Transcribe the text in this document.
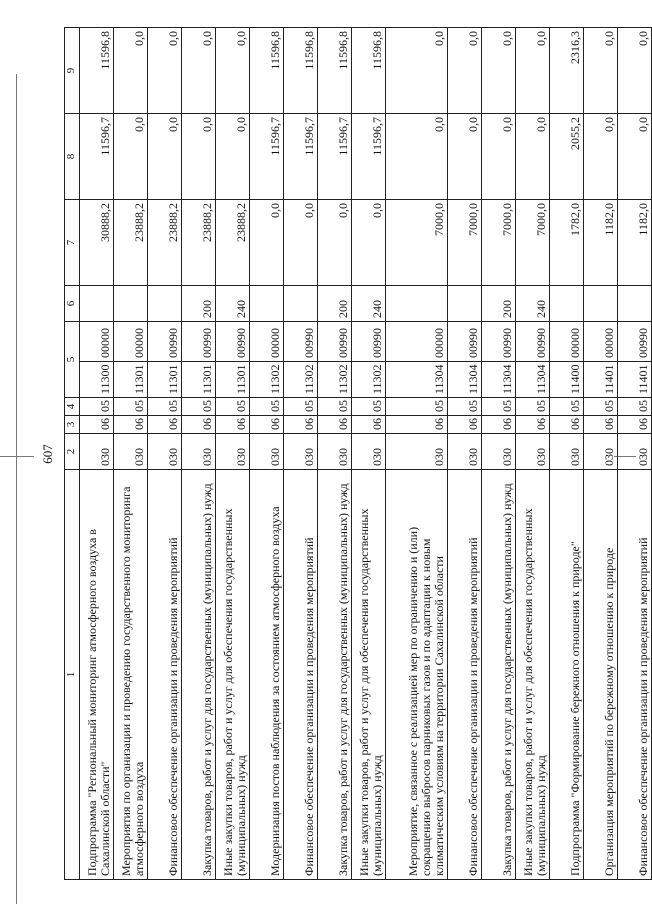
607
1	2	3	4	5		6	7	8	9
Подпрограмма "Региональный мониторинг атмосферного воздуха в Сахалинской области"	030	06	05	11300	00000		30888,2	11596,7	11596,8
Мероприятия по организации и проведению государственного мониторинга атмосферного воздуха	030	06	05	11301	00000		23888,2	0,0	0,0
Финансовое обеспечение организации и проведения мероприятий	030	06	05	11301	00990		23888,2	0,0	0,0
Закупка товаров, работ и услуг для государственных (муниципальных) нужд	030	06	05	11301	00990	200	23888,2	0,0	0,0
Иные закупки товаров, работ и услуг для обеспечения государственных (муниципальных) нужд	030	06	05	11301	00990	240	23888,2	0,0	0,0
Модернизация постов наблюдения за состоянием атмосферного воздуха	030	06	05	11302	00000		0,0	11596,7	11596,8
Финансовое обеспечение организации и проведения мероприятий	030	06	05	11302	00990		0,0	11596,7	11596,8
Закупка товаров, работ и услуг для государственных (муниципальных) нужд	030	06	05	11302	00990	200	0,0	11596,7	11596,8
Иные закупки товаров, работ и услуг для обеспечения государственных (муниципальных) нужд	030	06	05	11302	00990	240	0,0	11596,7	11596,8
Мероприятие, связанное с реализацией мер по ограничению и (или) сокращению выбросов парниковых газов и по адаптации к новым климатическим условиям на территории Сахалинской области	030	06	05	11304	00000		7000,0	0,0	0,0
Финансовое обеспечение организации и проведения мероприятий	030	06	05	11304	00990		7000,0	0,0	0,0
Закупка товаров, работ и услуг для государственных (муниципальных) нужд	030	06	05	11304	00990	200	7000,0	0,0	0,0
Иные закупки товаров, работ и услуг для обеспечения государственных (муниципальных) нужд	030	06	05	11304	00990	240	7000,0	0,0	0,0
Подпрограмма "Формирование бережного отношения к природе"	030	06	05	11400	00000		1782,0	2055,2	2316,3
Организация мероприятий по бережному отношению к природе	030	06	05	11401	00000		1182,0	0,0	0,0
Финансовое обеспечение организации и проведения мероприятий	030	06	05	11401	00990		1182,0	0,0	0,0
